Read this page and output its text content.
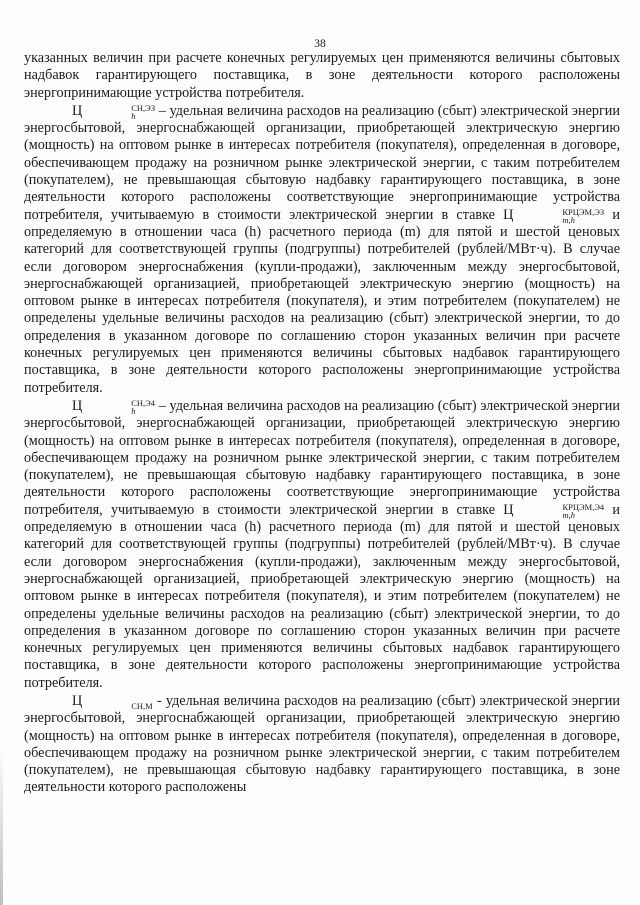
38

указанных величин при расчете конечных регулируемых цен применяются величины сбытовых надбавок гарантирующего поставщика, в зоне деятельности которого расположены энергопринимающие устройства потребителя.

Ц	СН,ЭЗ
h	– удельная величина расходов на реализацию (сбыт) электрической энергии энергосбытовой, энергоснабжающей организации, приобретающей электрическую энергию (мощность) на оптовом рынке в интересах потребителя (покупателя), определенная в договоре, обеспечивающем продажу на розничном рынке электрической энергии, с таким потребителем (покупателем), не превышающая сбытовую надбавку гарантирующего поставщика, в зоне деятельности которого расположены соответствующие энергопринимающие устройства потребителя, учитываемую в стоимости электрической энергии в ставке Ц	КРЦЭМ,ЭЗ
m,h	и определяемую в отношении часа (h) расчетного периода (m) для пятой и шестой ценовых категорий для соответствующей группы (подгруппы) потребителей (рублей/МВт·ч). В случае если договором энергоснабжения (купли-продажи), заключенным между энергосбытовой, энергоснабжающей организацией, приобретающей электрическую энергию (мощность) на оптовом рынке в интересах потребителя (покупателя), и этим потребителем (покупателем) не определены удельные величины расходов на реализацию (сбыт) электрической энергии, то до определения в указанном договоре по соглашению сторон указанных величин при расчете конечных регулируемых цен применяются величины сбытовых надбавок гарантирующего поставщика, в зоне деятельности которого расположены энергопринимающие устройства потребителя.

Ц	СН,Э4
h	– удельная величина расходов на реализацию (сбыт) электрической энергии энергосбытовой, энергоснабжающей организации, приобретающей электрическую энергию (мощность) на оптовом рынке в интересах потребителя (покупателя), определенная в договоре, обеспечивающем продажу на розничном рынке электрической энергии, с таким потребителем (покупателем), не превышающая сбытовую надбавку гарантирующего поставщика, в зоне деятельности которого расположены соответствующие энергопринимающие устройства потребителя, учитываемую в стоимости электрической энергии в ставке Ц	КРЦЭМ,Э4
m,h	и определяемую в отношении часа (h) расчетного периода (m) для пятой и шестой ценовых категорий для соответствующей группы (подгруппы) потребителей (рублей/МВт·ч). В случае если договором энергоснабжения (купли-продажи), заключенным между энергосбытовой, энергоснабжающей организацией, приобретающей электрическую энергию (мощность) на оптовом рынке в интересах потребителя (покупателя), и этим потребителем (покупателем) не определены удельные величины расходов на реализацию (сбыт) электрической энергии, то до определения в указанном договоре по соглашению сторон указанных величин при расчете конечных регулируемых цен применяются величины сбытовых надбавок гарантирующего поставщика, в зоне деятельности которого расположены энергопринимающие устройства потребителя.

Ц	СН,М - удельная величина расходов на реализацию (сбыт) электрической энергии энергосбытовой, энергоснабжающей организации, приобретающей электрическую энергию (мощность) на оптовом рынке в интересах потребителя (покупателя), определенная в договоре, обеспечивающем продажу на розничном рынке электрической энергии, с таким потребителем (покупателем), не превышающая сбытовую надбавку гарантирующего поставщика, в зоне деятельности которого расположены
